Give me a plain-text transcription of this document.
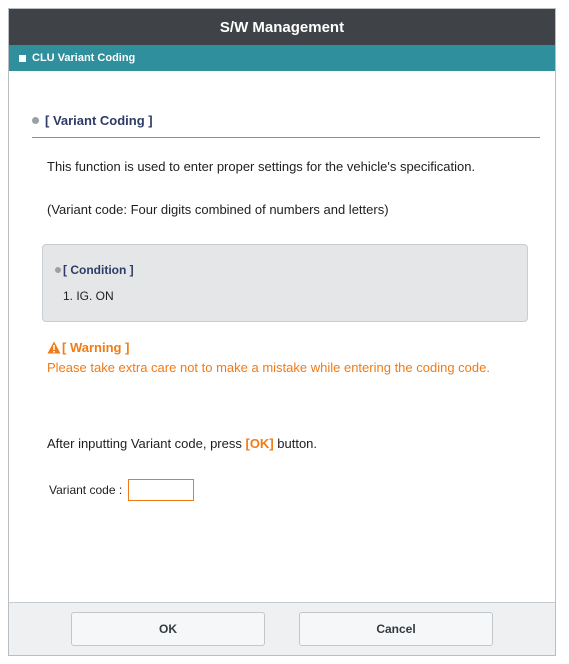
S/W Management
CLU Variant Coding
[ Variant Coding ]
This function is used to enter proper settings for the vehicle's specification.
(Variant code: Four digits combined of numbers and letters)
[ Condition ]
1. IG. ON
[ Warning ]
Please take extra care not to make a mistake while entering the coding code.
After inputting Variant code, press [OK] button.
Variant code :
OK	Cancel
